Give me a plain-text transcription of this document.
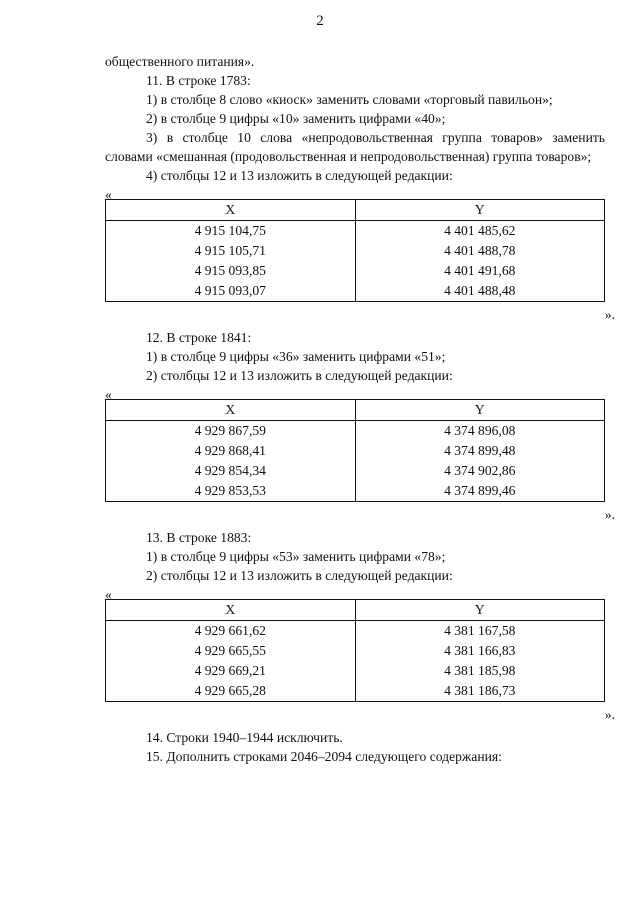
2

общественного питания».

11. В строке 1783:

1) в столбце 8 слово «киоск» заменить словами «торговый павильон»;

2) в столбце 9 цифры «10» заменить цифрами «40»;

3) в столбце 10 слова «непродовольственная группа товаров» заменить словами «смешанная (продовольственная и непродовольственная) группа товаров»;

4) столбцы 12 и 13 изложить в следующей редакции:

«
X	Y
4 915 104,75	4 401 485,62
4 915 105,71	4 401 488,78
4 915 093,85	4 401 491,68
4 915 093,07	4 401 488,48
».

12. В строке 1841:

1) в столбце 9 цифры «36» заменить цифрами «51»;

2) столбцы 12 и 13 изложить в следующей редакции:

«
X	Y
4 929 867,59	4 374 896,08
4 929 868,41	4 374 899,48
4 929 854,34	4 374 902,86
4 929 853,53	4 374 899,46
».

13. В строке 1883:

1) в столбце 9 цифры «53» заменить цифрами «78»;

2) столбцы 12 и 13 изложить в следующей редакции:

«
X	Y
4 929 661,62	4 381 167,58
4 929 665,55	4 381 166,83
4 929 669,21	4 381 185,98
4 929 665,28	4 381 186,73
».

14. Строки 1940–1944 исключить.

15. Дополнить строками 2046–2094 следующего содержания:
